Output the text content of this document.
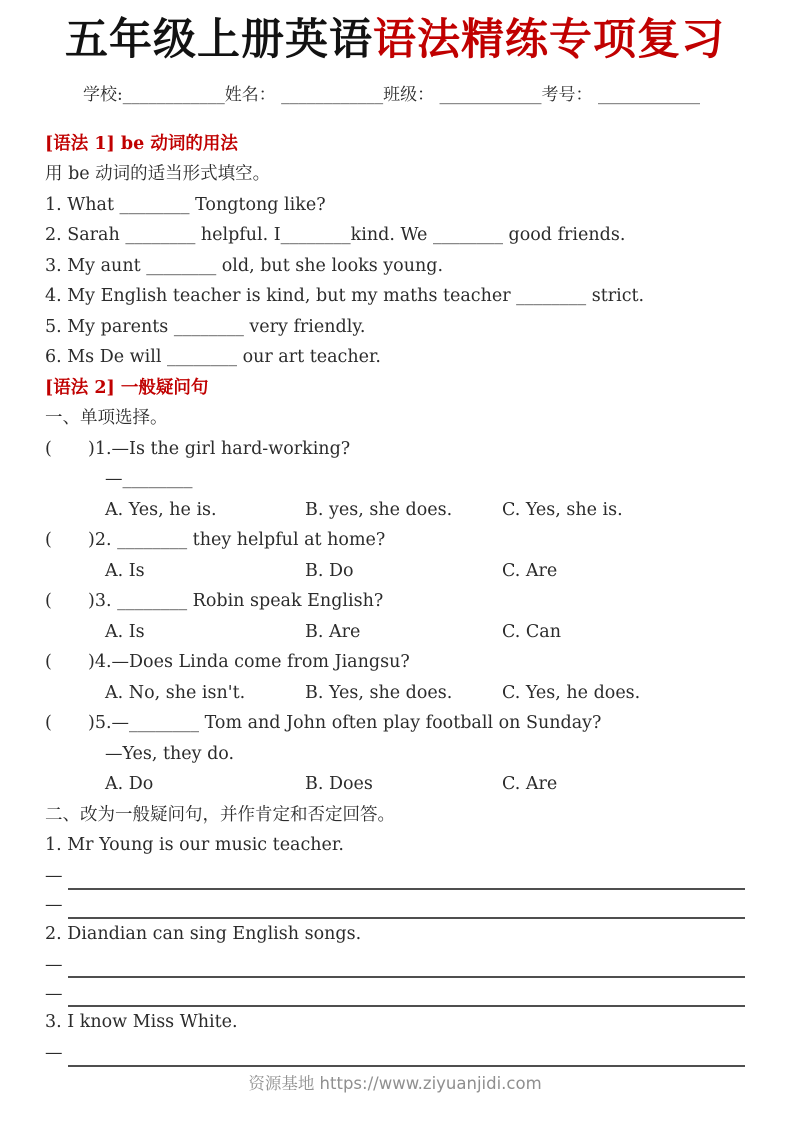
五年级上册英语语法精练专项复习
学校:____________姓名： ____________班级： ____________考号： ____________
[语法 1] be 动词的用法
用 be 动词的适当形式填空。
1. What ________ Tongtong like?
2. Sarah ________ helpful. I________kind. We ________ good friends.
3. My aunt ________ old, but she looks young.
4. My English teacher is kind, but my maths teacher ________ strict.
5. My parents ________ very friendly.
6. Ms De will ________ our art teacher.
[语法 2] 一般疑问句
一、单项选择。
(	)1. —Is the girl hard-working?
—________
A. Yes, he is.	B. yes, she does.	C. Yes, she is.
(	)2. ________ they helpful at home?
A. Is	B. Do	C. Are
(	)3. ________ Robin speak English?
A. Is	B. Are	C. Can
(	)4. —Does Linda come from Jiangsu?
A. No, she isn't.	B. Yes, she does.	C. Yes, he does.
(	)5. —________ Tom and John often play football on Sunday?
—Yes, they do.
A. Do	B. Does	C. Are
二、改为一般疑问句，并作肯定和否定回答。
1. Mr Young is our music teacher.
—
—
2. Diandian can sing English songs.
—
—
3. I know Miss White.
—
资源基地 https://www.ziyuanjidi.com
